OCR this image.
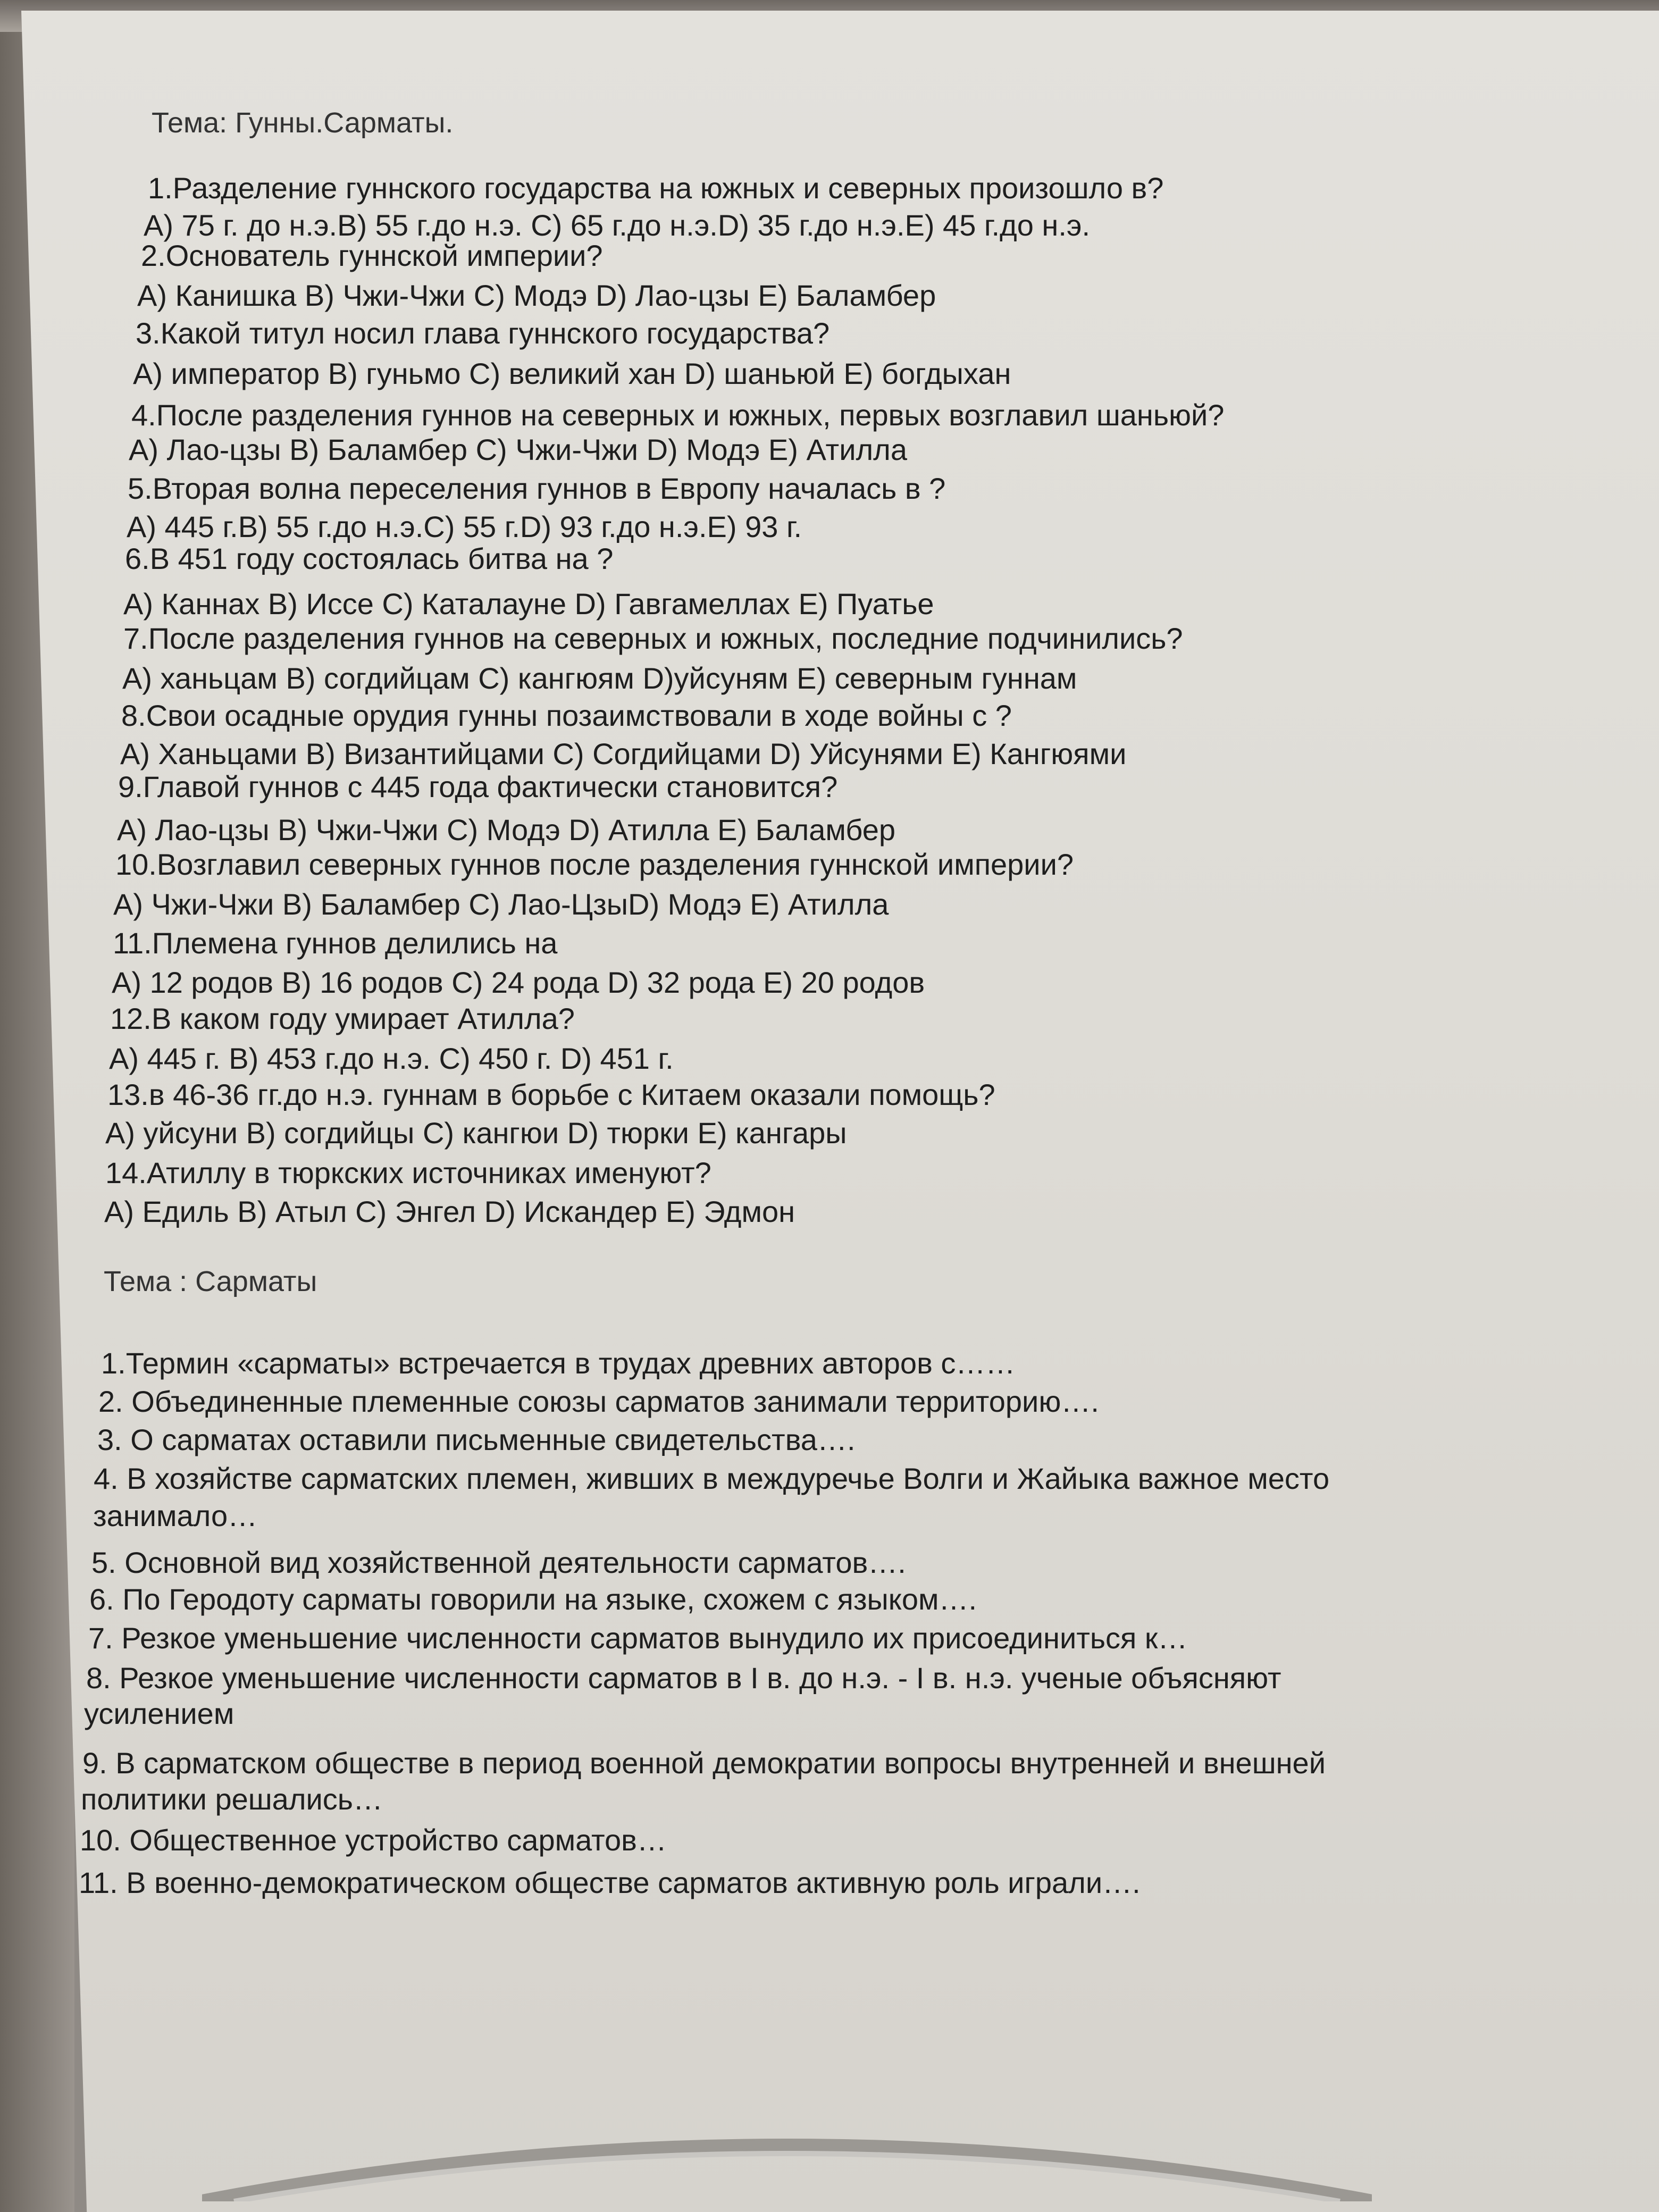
Тема: Гунны.Сарматы.
1.Разделение гуннского государства на южных и северных произошло в?
A) 75 г. до н.э.B) 55 г.до н.э. C) 65 г.до н.э.D) 35 г.до н.э.E) 45 г.до н.э.
2.Основатель гуннской империи?
A) Канишка B) Чжи-Чжи C) Модэ D) Лао-цзы E) Баламбер
3.Какой титул носил глава гуннского государства?
A) император B) гуньмо C) великий хан D) шаньюй E) богдыхан
4.После разделения гуннов на северных и южных, первых возглавил шаньюй?
A) Лао-цзы B) Баламбер C) Чжи-Чжи D) Модэ E) Атилла
5.Вторая волна переселения гуннов в Европу началась в ?
A) 445 г.B) 55 г.до н.э.C) 55 г.D) 93 г.до н.э.E) 93 г.
6.В 451 году состоялась битва на ?
A) Каннах B) Иссе C) Каталауне D) Гавгамеллах E) Пуатье
7.После разделения гуннов на северных и южных, последние подчинились?
A) ханьцам B) согдийцам C) кангюям D)уйсуням E) северным гуннам
8.Свои осадные орудия гунны позаимствовали в ходе войны с ?
A) Ханьцами B) Византийцами C) Согдийцами D) Уйсунями E) Кангюями
9.Главой гуннов с 445 года фактически становится?
A) Лао-цзы B) Чжи-Чжи C) Модэ D) Атилла E) Баламбер
10.Возглавил северных гуннов после разделения гуннской империи?
A) Чжи-Чжи B) Баламбер C) Лао-ЦзыD) Модэ E) Атилла
11.Племена гуннов делились на
A) 12 родов B) 16 родов C) 24 рода D) 32 рода E) 20 родов
12.В каком году умирает Атилла?
A) 445 г. B) 453 г.до н.э. C) 450 г. D) 451 г.
13.в 46-36 гг.до н.э. гуннам в борьбе с Китаем оказали помощь?
A) уйсуни B) согдийцы C) кангюи D) тюрки E) кангары
14.Атиллу в тюркских источниках именуют?
A) Едиль B) Атыл C) Энгел D) Искандер E) Эдмон
Тема : Сарматы
1.Термин «сарматы» встречается в трудах древних авторов с……
2. Объединенные племенные союзы сарматов занимали территорию….
3. О сарматах оставили письменные свидетельства….
4. В хозяйстве сарматских племен, живших в междуречье Волги и Жайыка важное место
занимало…
5. Основной вид хозяйственной деятельности сарматов….
6. По Геродоту сарматы говорили на языке, схожем с языком….
7. Резкое уменьшение численности сарматов вынудило их присоединиться к…
8. Резкое уменьшение численности сарматов в I в. до н.э. - I в. н.э. ученые объясняют
усилением
9. В сарматском обществе в период военной демократии вопросы внутренней и внешней
политики решались…
10. Общественное устройство сарматов…
11. В военно-демократическом обществе сарматов активную роль играли….
